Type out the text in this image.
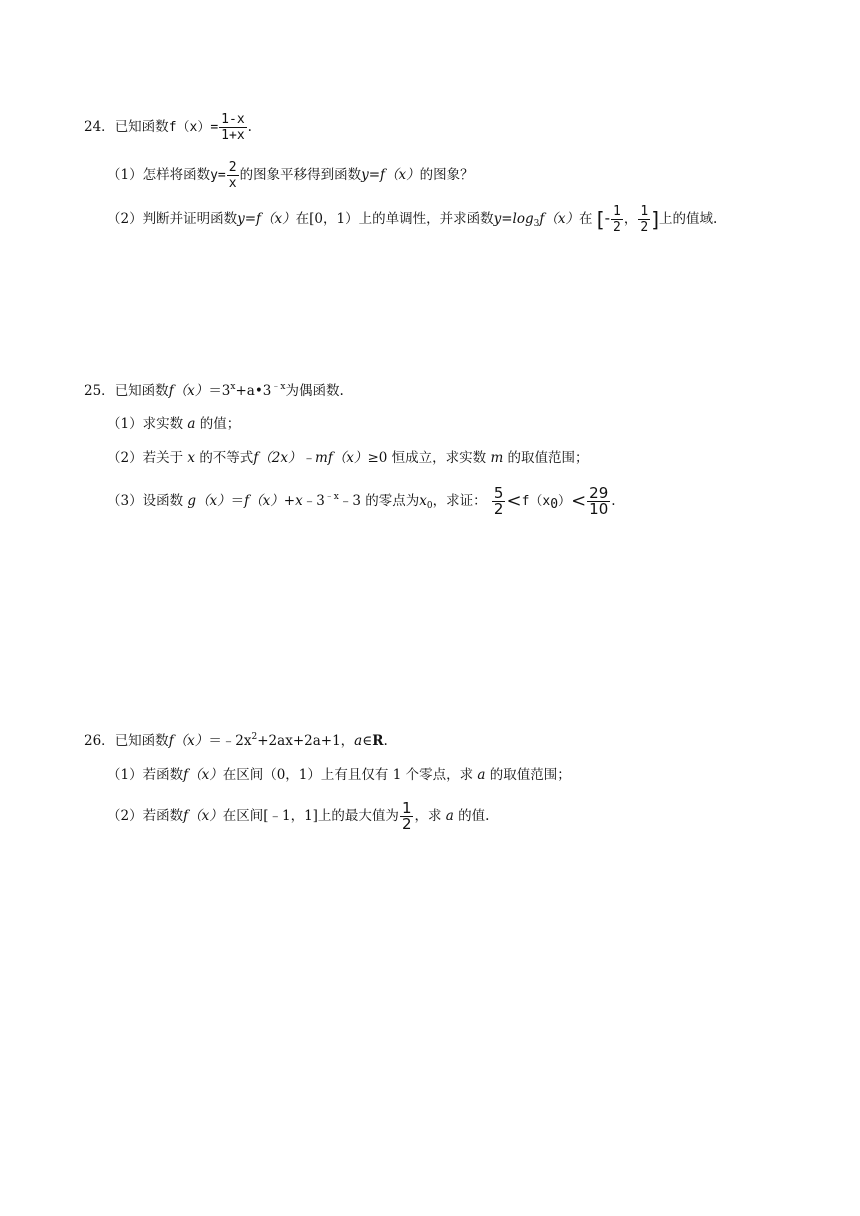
24．已知函数$f(x)= \frac{1-x}{1+x}$ .
（1）怎样将函数$y= \frac{2}{x}$ 的图象平移得到函数y=f（x）的图象？
（2）判断并证明函数y=f（x）在[0，1）上的单调性，并求函数$y=\log_3f(x)$在 [- $\frac{1}{2}$ ， $\frac{1}{2}$ ]上的值域.
25．已知函数$f(x)=3^x+a•3^{﹣x}$为偶函数.
（1）求实数 a 的值；
（2）若关于 x 的不等式f（2x）﹣mf（x）≥0 恒成立，求实数 m 的取值范围；
（3）设函数 $g(x)=f(x)+x﹣3^{﹣x}﹣3$ 的零点为$x_0$，求证： $\frac{5}{2} <f(x_0)< \frac{29}{10}$ .
26．已知函数$f(x)=﹣2x^2+2ax+2a+1$，a∈R.
（1）若函数f（x）在区间（0，1）上有且仅有 1 个零点，求 a 的取值范围；
（2）若函数f（x）在区间[﹣1，1]上的最大值为 $\frac{1}{2}$ ，求 a 的值.
